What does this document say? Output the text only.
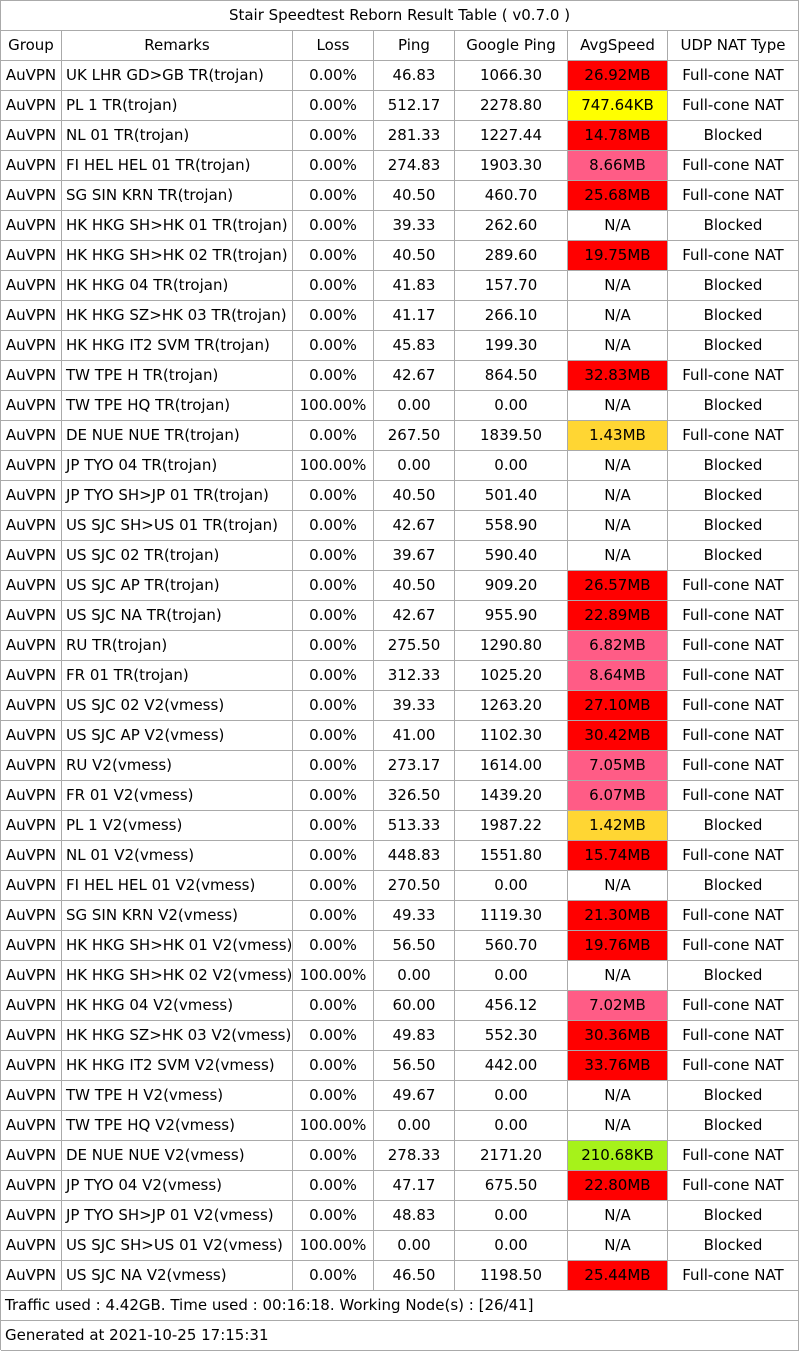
Stair Speedtest Reborn Result Table ( v0.7.0 )
Group	Remarks	Loss	Ping	Google Ping	AvgSpeed	UDP NAT Type
AuVPN UK LHR GD>GB TR(trojan)	0.00%	46.83	1066.30	26.92MB	Full-cone NAT
AuVPN PL 1 TR(trojan)	0.00%	512.17	2278.80	747.64KB	Full-cone NAT
AuVPN NL 01 TR(trojan)	0.00%	281.33	1227.44	14.78MB	Blocked
AuVPN FI HEL HEL 01 TR(trojan)	0.00%	274.83	1903.30	8.66MB	Full-cone NAT
AuVPN SG SIN KRN TR(trojan)	0.00%	40.50	460.70	25.68MB	Full-cone NAT
AuVPN HK HKG SH>HK 01 TR(trojan)	0.00%	39.33	262.60	N/A	Blocked
AuVPN HK HKG SH>HK 02 TR(trojan)	0.00%	40.50	289.60	19.75MB	Full-cone NAT
AuVPN HK HKG 04 TR(trojan)	0.00%	41.83	157.70	N/A	Blocked
AuVPN HK HKG SZ>HK 03 TR(trojan)	0.00%	41.17	266.10	N/A	Blocked
AuVPN HK HKG IT2 SVM TR(trojan)	0.00%	45.83	199.30	N/A	Blocked
AuVPN TW TPE H TR(trojan)	0.00%	42.67	864.50	32.83MB	Full-cone NAT
AuVPN TW TPE HQ TR(trojan)	100.00%	0.00	0.00	N/A	Blocked
AuVPN DE NUE NUE TR(trojan)	0.00%	267.50	1839.50	1.43MB	Full-cone NAT
AuVPN JP TYO 04 TR(trojan)	100.00%	0.00	0.00	N/A	Blocked
AuVPN JP TYO SH>JP 01 TR(trojan)	0.00%	40.50	501.40	N/A	Blocked
AuVPN US SJC SH>US 01 TR(trojan)	0.00%	42.67	558.90	N/A	Blocked
AuVPN US SJC 02 TR(trojan)	0.00%	39.67	590.40	N/A	Blocked
AuVPN US SJC AP TR(trojan)	0.00%	40.50	909.20	26.57MB	Full-cone NAT
AuVPN US SJC NA TR(trojan)	0.00%	42.67	955.90	22.89MB	Full-cone NAT
AuVPN RU TR(trojan)	0.00%	275.50	1290.80	6.82MB	Full-cone NAT
AuVPN FR 01 TR(trojan)	0.00%	312.33	1025.20	8.64MB	Full-cone NAT
AuVPN US SJC 02 V2(vmess)	0.00%	39.33	1263.20	27.10MB	Full-cone NAT
AuVPN US SJC AP V2(vmess)	0.00%	41.00	1102.30	30.42MB	Full-cone NAT
AuVPN RU V2(vmess)	0.00%	273.17	1614.00	7.05MB	Full-cone NAT
AuVPN FR 01 V2(vmess)	0.00%	326.50	1439.20	6.07MB	Full-cone NAT
AuVPN PL 1 V2(vmess)	0.00%	513.33	1987.22	1.42MB	Blocked
AuVPN NL 01 V2(vmess)	0.00%	448.83	1551.80	15.74MB	Full-cone NAT
AuVPN FI HEL HEL 01 V2(vmess)	0.00%	270.50	0.00	N/A	Blocked
AuVPN SG SIN KRN V2(vmess)	0.00%	49.33	1119.30	21.30MB	Full-cone NAT
AuVPN HK HKG SH>HK 01 V2(vmess)	0.00%	56.50	560.70	19.76MB	Full-cone NAT
AuVPN HK HKG SH>HK 02 V2(vmess) 100.00%	0.00	0.00	N/A	Blocked
AuVPN HK HKG 04 V2(vmess)	0.00%	60.00	456.12	7.02MB	Full-cone NAT
AuVPN HK HKG SZ>HK 03 V2(vmess)	0.00%	49.83	552.30	30.36MB	Full-cone NAT
AuVPN HK HKG IT2 SVM V2(vmess)	0.00%	56.50	442.00	33.76MB	Full-cone NAT
AuVPN TW TPE H V2(vmess)	0.00%	49.67	0.00	N/A	Blocked
AuVPN TW TPE HQ V2(vmess)	100.00%	0.00	0.00	N/A	Blocked
AuVPN DE NUE NUE V2(vmess)	0.00%	278.33	2171.20	210.68KB	Full-cone NAT
AuVPN JP TYO 04 V2(vmess)	0.00%	47.17	675.50	22.80MB	Full-cone NAT
AuVPN JP TYO SH>JP 01 V2(vmess)	0.00%	48.83	0.00	N/A	Blocked
AuVPN US SJC SH>US 01 V2(vmess)	100.00%	0.00	0.00	N/A	Blocked
AuVPN US SJC NA V2(vmess)	0.00%	46.50	1198.50	25.44MB	Full-cone NAT
Traffic used : 4.42GB. Time used : 00:16:18. Working Node(s) : [26/41]
Generated at 2021-10-25 17:15:31
